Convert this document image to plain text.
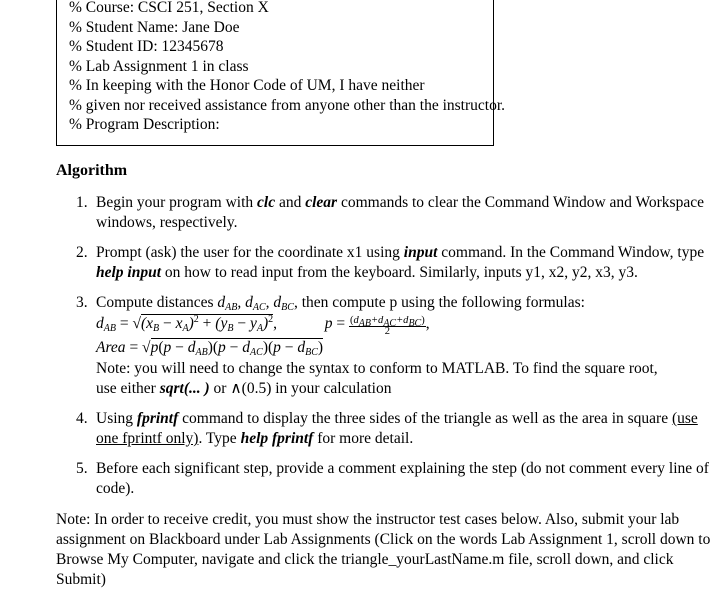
% Course: CSCI 251, Section X
% Student Name: Jane Doe
% Student ID: 12345678
% Lab Assignment 1 in class
% In keeping with the Honor Code of UM, I have neither
% given nor received assistance from anyone other than the instructor.
% Program Description:
Algorithm
1. Begin your program with clc and clear commands to clear the Command Window and Workspace windows, respectively.
2. Prompt (ask) the user for the coordinate x1 using input command. In the Command Window, type help input on how to read input from the keyboard. Similarly, inputs y1, x2, y2, x3, y3.
3. Compute distances $d_{AB}$, $d_{AC}$, $d_{BC}$, then compute p using the following formulas:
$d_{AB} = √(x_B - x_A)^2 + (y_B - y_A)^2$,	$p = \frac{(d_{AB}+d_{AC}+d_{BC})}{2}$ ,
Area = $√p(p - d_{AB})(p - d_{AC})(p - d_{BC})$
Note: you will need to change the syntax to conform to MATLAB. To find the square root,
use either sqrt(... ) or ∧(0.5) in your calculation
4. Using fprintf command to display the three sides of the triangle as well as the area in square (use one fprintf only). Type help fprintf for more detail.
5. Before each significant step, provide a comment explaining the step (do not comment every line of code).
Note: In order to receive credit, you must show the instructor test cases below. Also, submit your lab assignment on Blackboard under Lab Assignments (Click on the words Lab Assignment 1, scroll down to Browse My Computer, navigate and click the triangle_yourLastName.m file, scroll down, and click Submit)
